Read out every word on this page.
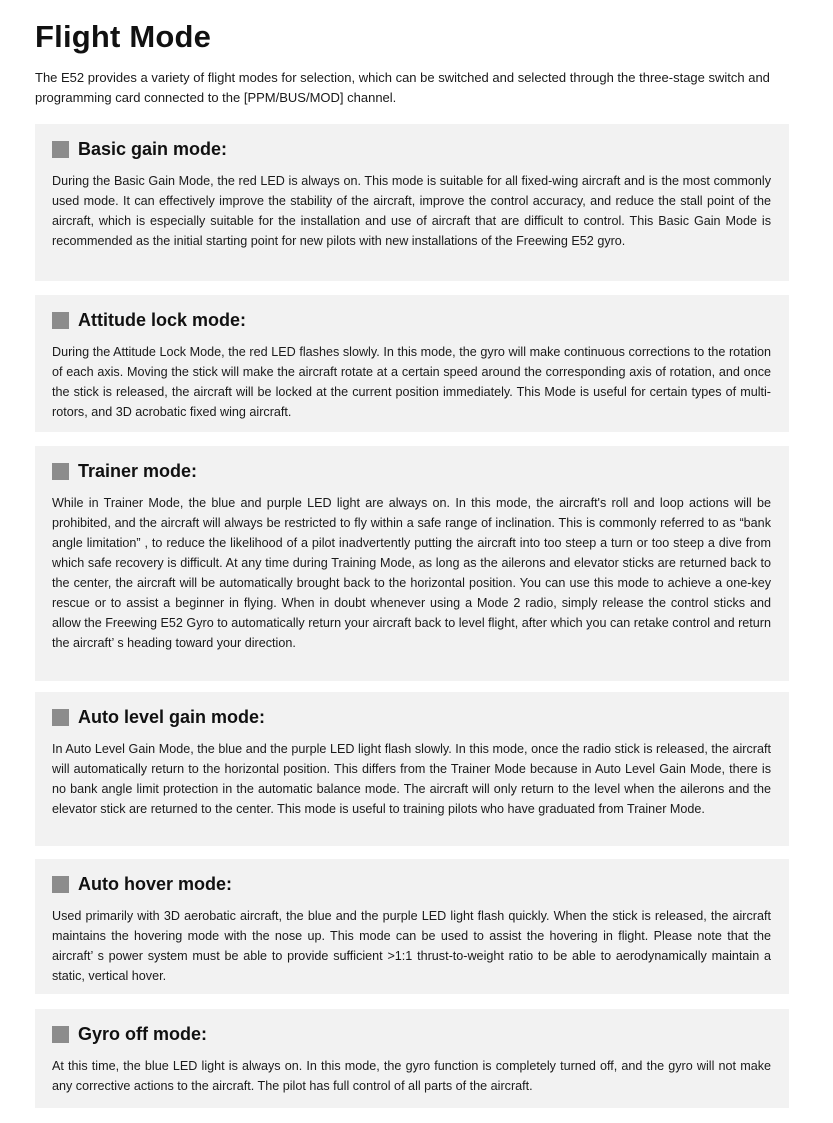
Flight Mode

The E52 provides a variety of flight modes for selection, which can be switched and selected through the three-stage switch and programming card connected to the [PPM/BUS/MOD] channel.

Basic gain mode:

During the Basic Gain Mode, the red LED is always on. This mode is suitable for all fixed-wing aircraft and is the most commonly used mode. It can effectively improve the stability of the aircraft, improve the control accuracy, and reduce the stall point of the aircraft, which is especially suitable for the installation and use of aircraft that are difficult to control. This Basic Gain Mode is recommended as the initial starting point for new pilots with new installations of the Freewing E52 gyro.

Attitude lock mode:

During the Attitude Lock Mode, the red LED flashes slowly. In this mode, the gyro will make continuous corrections to the rotation of each axis. Moving the stick will make the aircraft rotate at a certain speed around the corresponding axis of rotation, and once the stick is released, the aircraft will be locked at the current position immediately. This Mode is useful for certain types of multi-rotors, and 3D acrobatic fixed wing aircraft.

Trainer mode:

While in Trainer Mode, the blue and purple LED light are always on. In this mode, the aircraft's roll and loop actions will be prohibited, and the aircraft will always be restricted to fly within a safe range of inclination. This is commonly referred to as “bank angle limitation” , to reduce the likelihood of a pilot inadvertently putting the aircraft into too steep a turn or too steep a dive from which safe recovery is difficult. At any time during Training Mode, as long as the ailerons and elevator sticks are returned back to the center, the aircraft will be automatically brought back to the horizontal position. You can use this mode to achieve a one-key rescue or to assist a beginner in flying. When in doubt whenever using a Mode 2 radio, simply release the control sticks and allow the Freewing E52 Gyro to automatically return your aircraft back to level flight, after which you can retake control and return the aircraft’ s heading toward your direction.

Auto level gain mode:

In Auto Level Gain Mode, the blue and the purple LED light flash slowly. In this mode, once the radio stick is released, the aircraft will automatically return to the horizontal position. This differs from the Trainer Mode because in Auto Level Gain Mode, there is no bank angle limit protection in the automatic balance mode. The aircraft will only return to the level when the ailerons and the elevator stick are returned to the center. This mode is useful to training pilots who have graduated from Trainer Mode.

Auto hover mode:

Used primarily with 3D aerobatic aircraft, the blue and the purple LED light flash quickly. When the stick is released, the aircraft maintains the hovering mode with the nose up. This mode can be used to assist the hovering in flight. Please note that the aircraft’ s power system must be able to provide sufficient >1:1 thrust-to-weight ratio to be able to aerodynamically maintain a static, vertical hover.

Gyro off mode:

At this time, the blue LED light is always on. In this mode, the gyro function is completely turned off, and the gyro will not make any corrective actions to the aircraft. The pilot has full control of all parts of the aircraft.
